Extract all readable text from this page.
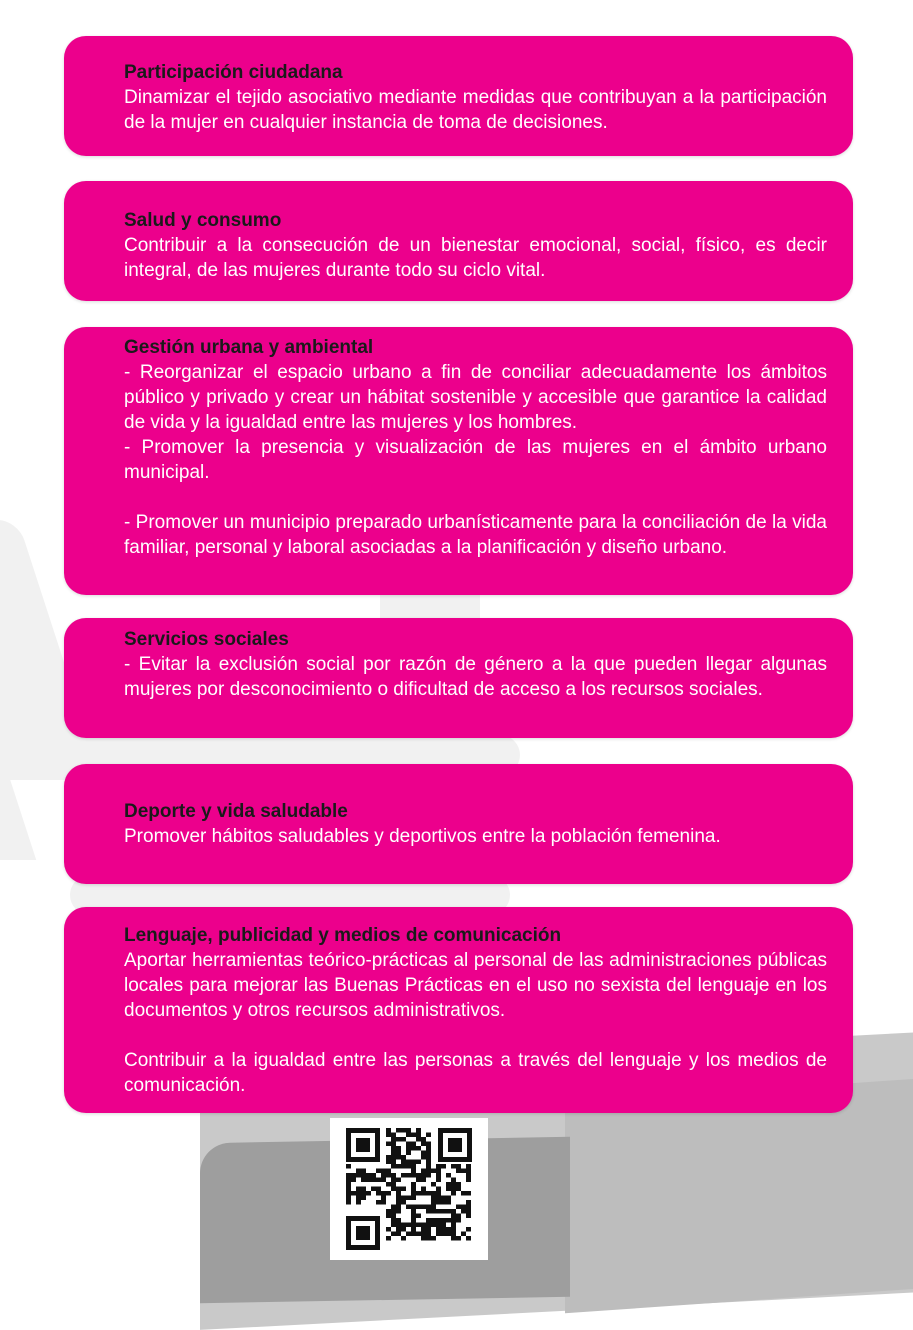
Participación ciudadana
Dinamizar el tejido asociativo mediante medidas que contribuyan a la participación de la mujer en cualquier instancia de toma de decisiones.
Salud y consumo
Contribuir a la consecución de un bienestar emocional, social, físico, es decir integral, de las mujeres durante todo su ciclo vital.
Gestión urbana y ambiental
- Reorganizar el espacio urbano a fin de conciliar adecuadamente los ámbitos público y privado y crear un hábitat sostenible y accesible que garantice la calidad de vida y la igualdad entre las mujeres y los hombres.
- Promover la presencia y visualización de las mujeres en el ámbito urbano municipal.
- Promover un municipio preparado urbanísticamente para la conciliación de la vida familiar, personal y laboral asociadas a la planificación y diseño urbano.
Servicios sociales
- Evitar la exclusión social por razón de género a la que pueden llegar algunas mujeres por desconocimiento o dificultad de acceso a los recursos sociales.
Deporte y vida saludable
Promover hábitos saludables y deportivos entre la población femenina.
Lenguaje, publicidad y medios de comunicación
Aportar herramientas teórico-prácticas al personal de las administraciones públicas locales para mejorar las Buenas Prácticas en el uso no sexista del lenguaje en los documentos y otros recursos administrativos.
Contribuir a la igualdad entre las personas a través del lenguaje y los medios de comunicación.
